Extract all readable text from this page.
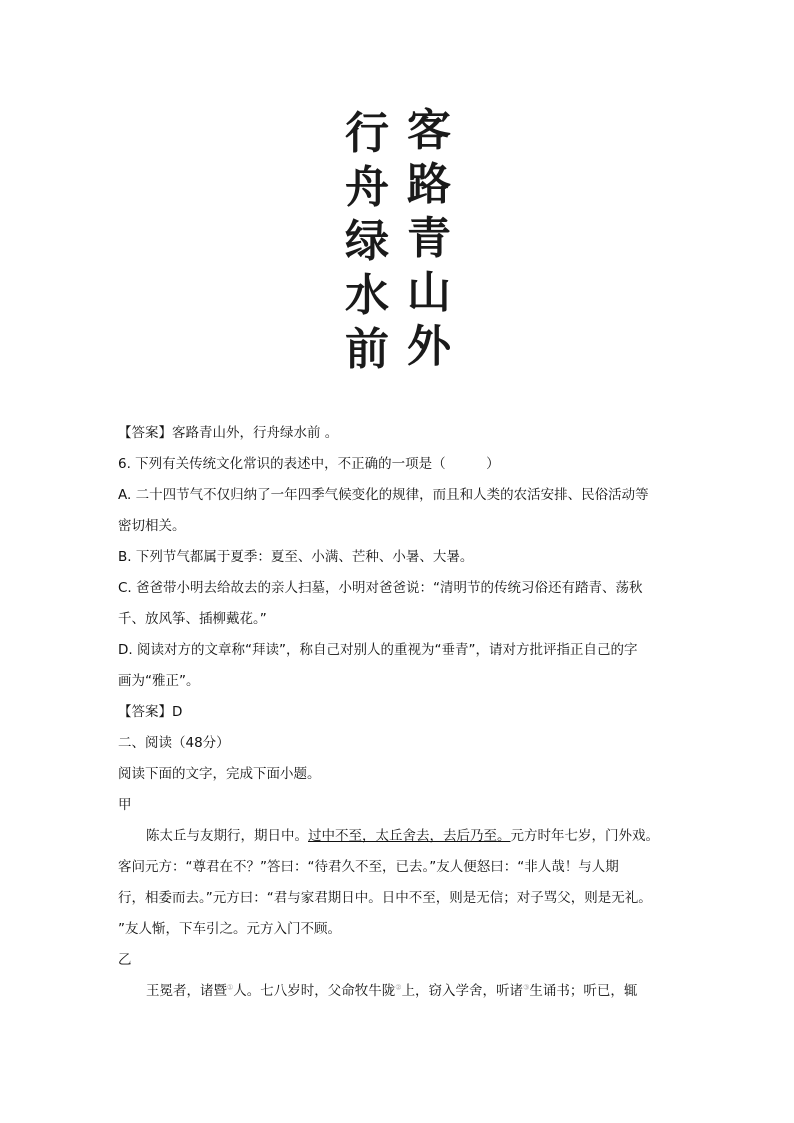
客
路
青
山
外
行
舟
绿
水
前
【答案】客路青山外，行舟绿水前 。
6. 下列有关传统文化常识的表述中，不正确的一项是（　　　）
A. 二十四节气不仅归纳了一年四季气候变化的规律，而且和人类的农活安排、民俗活动等
密切相关。
B. 下列节气都属于夏季：夏至、小满、芒种、小暑、大暑。
C. 爸爸带小明去给故去的亲人扫墓，小明对爸爸说：“清明节的传统习俗还有踏青、荡秋
千、放风筝、插柳戴花。”
D. 阅读对方的文章称“拜读”，称自己对别人的重视为“垂青”，请对方批评指正自己的字
画为“雅正”。
【答案】D
二、阅读（48分）
阅读下面的文字，完成下面小题。
甲
陈太丘与友期行，期日中。过中不至，太丘舍去，去后乃至。元方时年七岁，门外戏。
客问元方：“尊君在不？”答曰：“待君久不至，已去。”友人便怒曰：“非人哉！与人期
行，相委而去。”元方曰：“君与家君期日中。日中不至，则是无信；对子骂父，则是无礼。
”友人惭，下车引之。元方入门不顾。
乙
王冕者，诸暨①人。七八岁时，父命牧牛陇②上，窃入学舍，听诸③生诵书；听已，辄
